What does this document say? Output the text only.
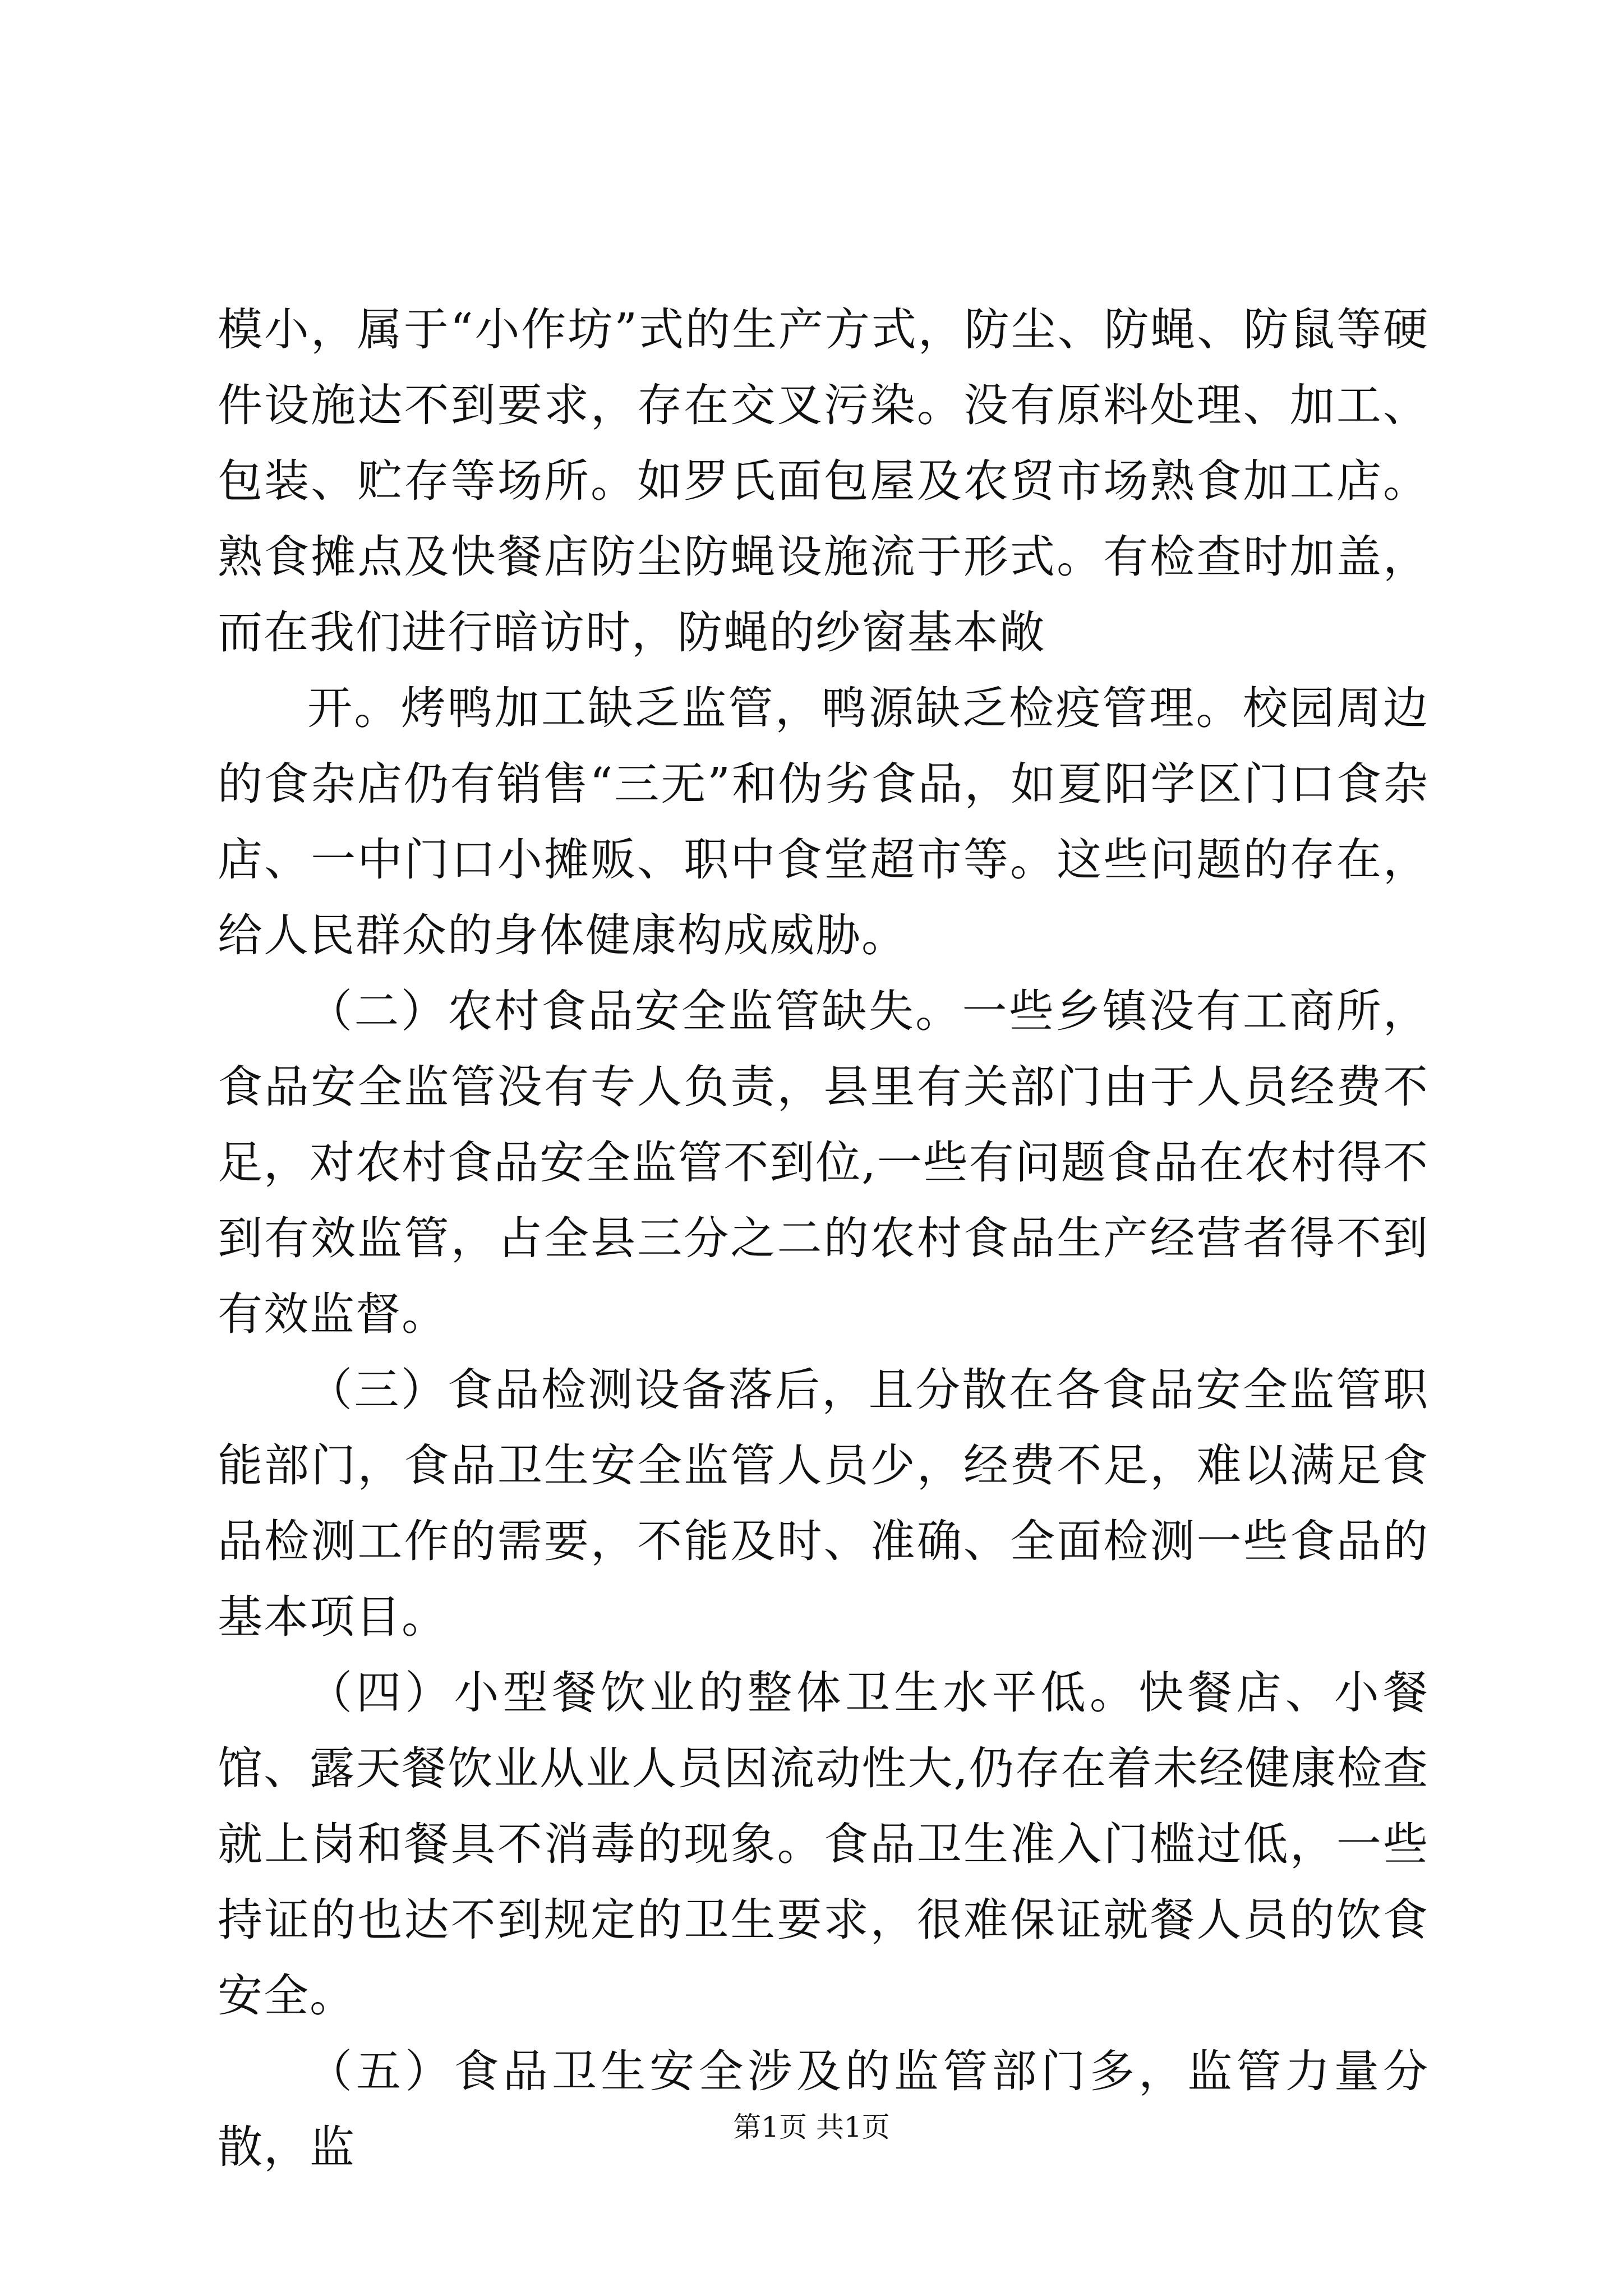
模小，属于“小作坊”式的生产方式，防尘、防蝇、防鼠等硬件设施达不到要求，存在交叉污染。没有原料处理、加工、包装、贮存等场所。如罗氏面包屋及农贸市场熟食加工店。熟食摊点及快餐店防尘防蝇设施流于形式。有检查时加盖，而在我们进行暗访时，防蝇的纱窗基本敞

开。烤鸭加工缺乏监管，鸭源缺乏检疫管理。校园周边的食杂店仍有销售“三无”和伪劣食品，如夏阳学区门口食杂店、一中门口小摊贩、职中食堂超市等。这些问题的存在，给人民群众的身体健康构成威胁。

（二）农村食品安全监管缺失。一些乡镇没有工商所，食品安全监管没有专人负责，县里有关部门由于人员经费不足，对农村食品安全监管不到位,一些有问题食品在农村得不到有效监管，占全县三分之二的农村食品生产经营者得不到有效监督。

（三）食品检测设备落后，且分散在各食品安全监管职能部门，食品卫生安全监管人员少，经费不足，难以满足食品检测工作的需要，不能及时、准确、全面检测一些食品的基本项目。

（四）小型餐饮业的整体卫生水平低。快餐店、小餐馆、露天餐饮业从业人员因流动性大,仍存在着未经健康检查就上岗和餐具不消毒的现象。食品卫生准入门槛过低，一些持证的也达不到规定的卫生要求，很难保证就餐人员的饮食安全。

（五）食品卫生安全涉及的监管部门多，监管力量分散，监	第1页 共1页
